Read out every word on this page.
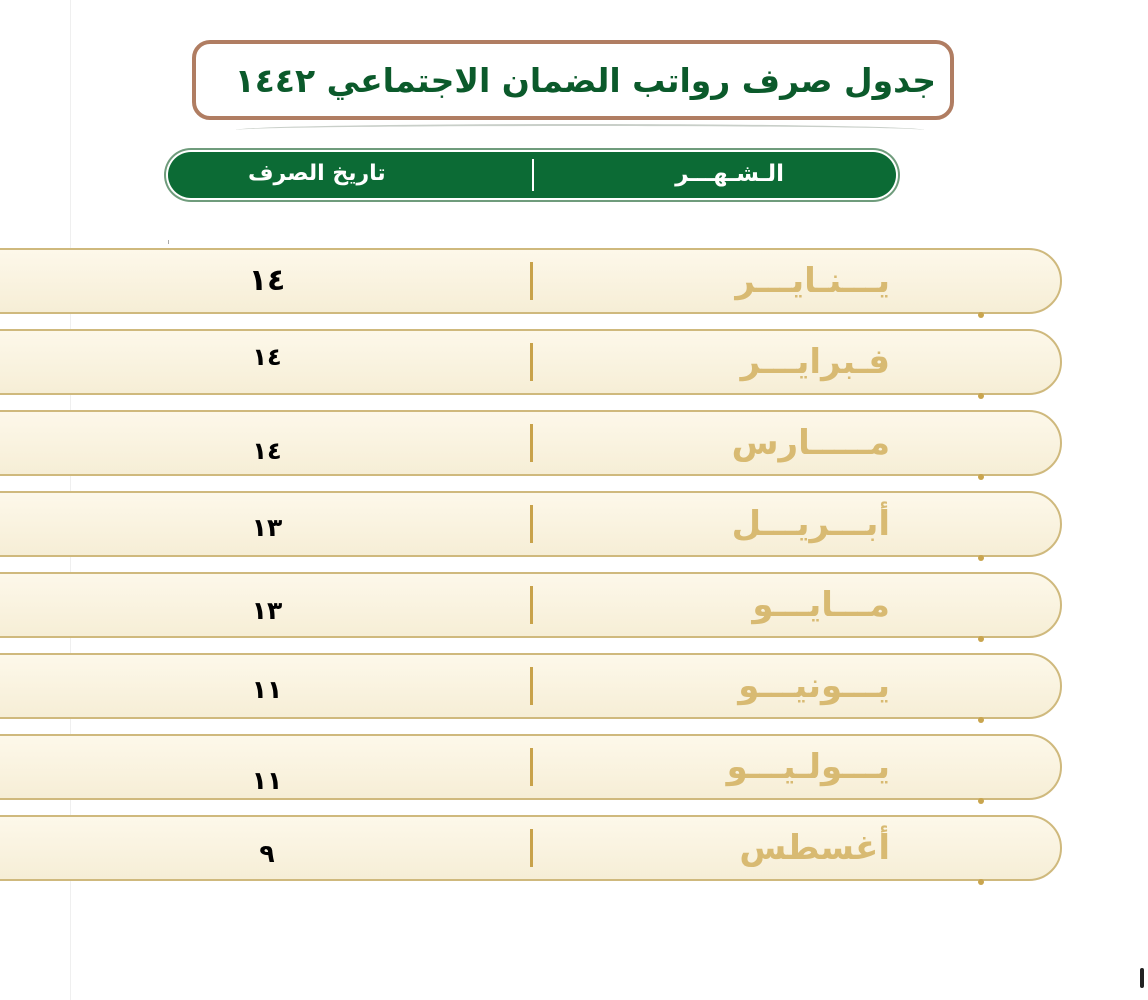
جدول صرف رواتب الضمان الاجتماعي ١٤٤٢
الـشـهـــر
تاريخ الصرف
يـــنـايـــر
١٤
فـبرايـــر
١٤
مـــــارس
١٤
أبـــريـــل
١٣
مـــايـــو
١٣
يـــونيـــو
١١
يـــولـيـــو
١١
أغسطس
٩
